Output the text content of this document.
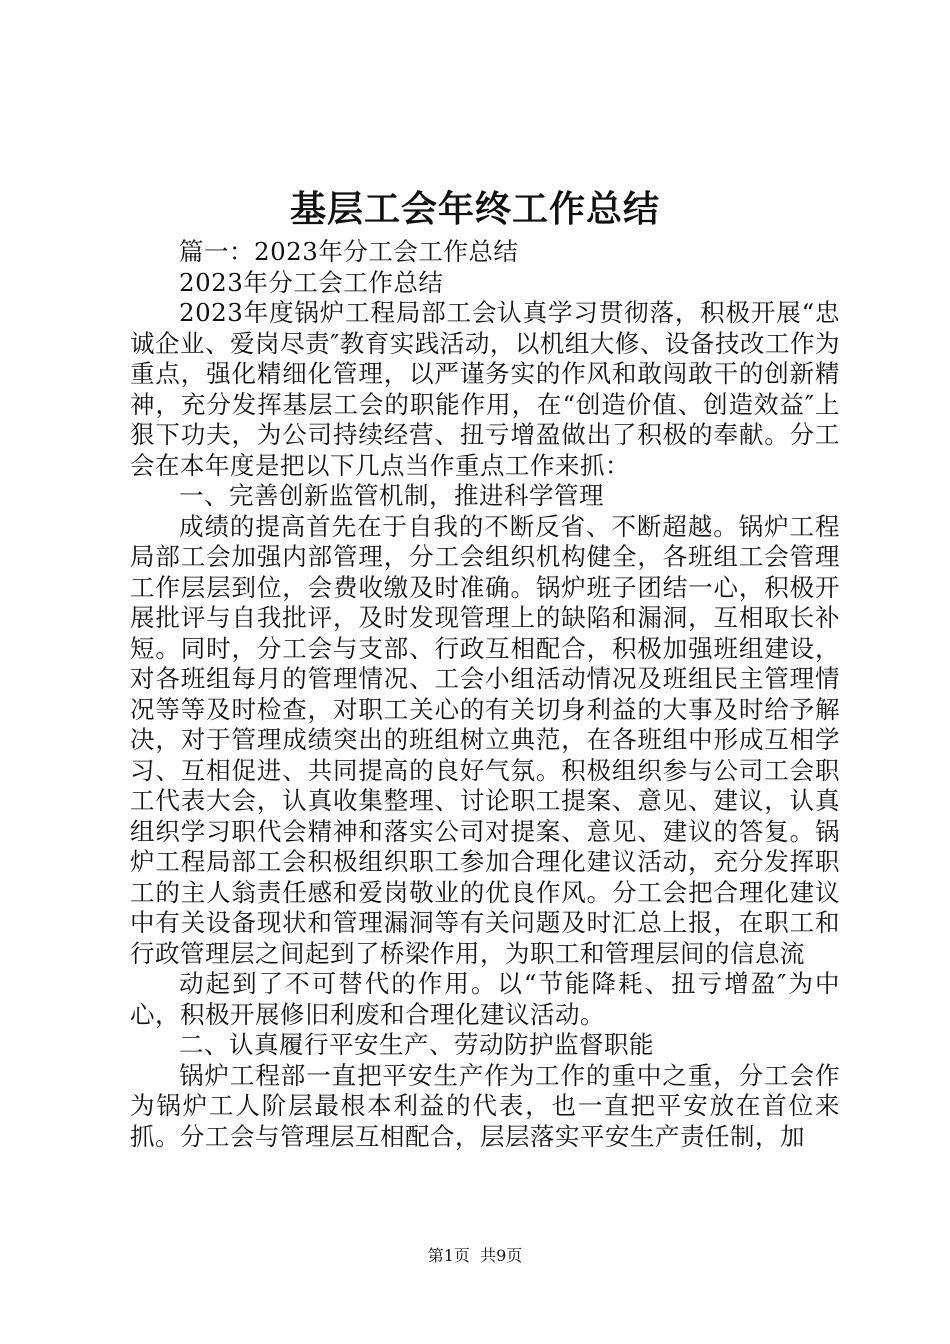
基层工会年终工作总结

篇一：2023年分工会工作总结

2023年分工会工作总结

2023年度锅炉工程局部工会认真学习贯彻落，积极开展“忠诚企业、爱岗尽责″教育实践活动，以机组大修、设备技改工作为重点，强化精细化管理，以严谨务实的作风和敢闯敢干的创新精神，充分发挥基层工会的职能作用，在“创造价值、创造效益″上狠下功夫，为公司持续经营、扭亏增盈做出了积极的奉献。分工会在本年度是把以下几点当作重点工作来抓：

一、完善创新监管机制，推进科学管理

成绩的提高首先在于自我的不断反省、不断超越。锅炉工程局部工会加强内部管理，分工会组织机构健全，各班组工会管理工作层层到位，会费收缴及时准确。锅炉班子团结一心，积极开展批评与自我批评，及时发现管理上的缺陷和漏洞，互相取长补短。同时，分工会与支部、行政互相配合，积极加强班组建设，对各班组每月的管理情况、工会小组活动情况及班组民主管理情况等等及时检查，对职工关心的有关切身利益的大事及时给予解决，对于管理成绩突出的班组树立典范，在各班组中形成互相学习、互相促进、共同提高的良好气氛。积极组织参与公司工会职工代表大会，认真收集整理、讨论职工提案、意见、建议，认真组织学习职代会精神和落实公司对提案、意见、建议的答复。锅炉工程局部工会积极组织职工参加合理化建议活动，充分发挥职工的主人翁责任感和爱岗敬业的优良作风。分工会把合理化建议中有关设备现状和管理漏洞等有关问题及时汇总上报，在职工和行政管理层之间起到了桥梁作用，为职工和管理层间的信息流

动起到了不可替代的作用。以“节能降耗、扭亏增盈″为中心，积极开展修旧利废和合理化建议活动。

二、认真履行平安生产、劳动防护监督职能

锅炉工程部一直把平安生产作为工作的重中之重，分工会作为锅炉工人阶层最根本利益的代表，也一直把平安放在首位来抓。分工会与管理层互相配合，层层落实平安生产责任制，加

第1页 共9页
